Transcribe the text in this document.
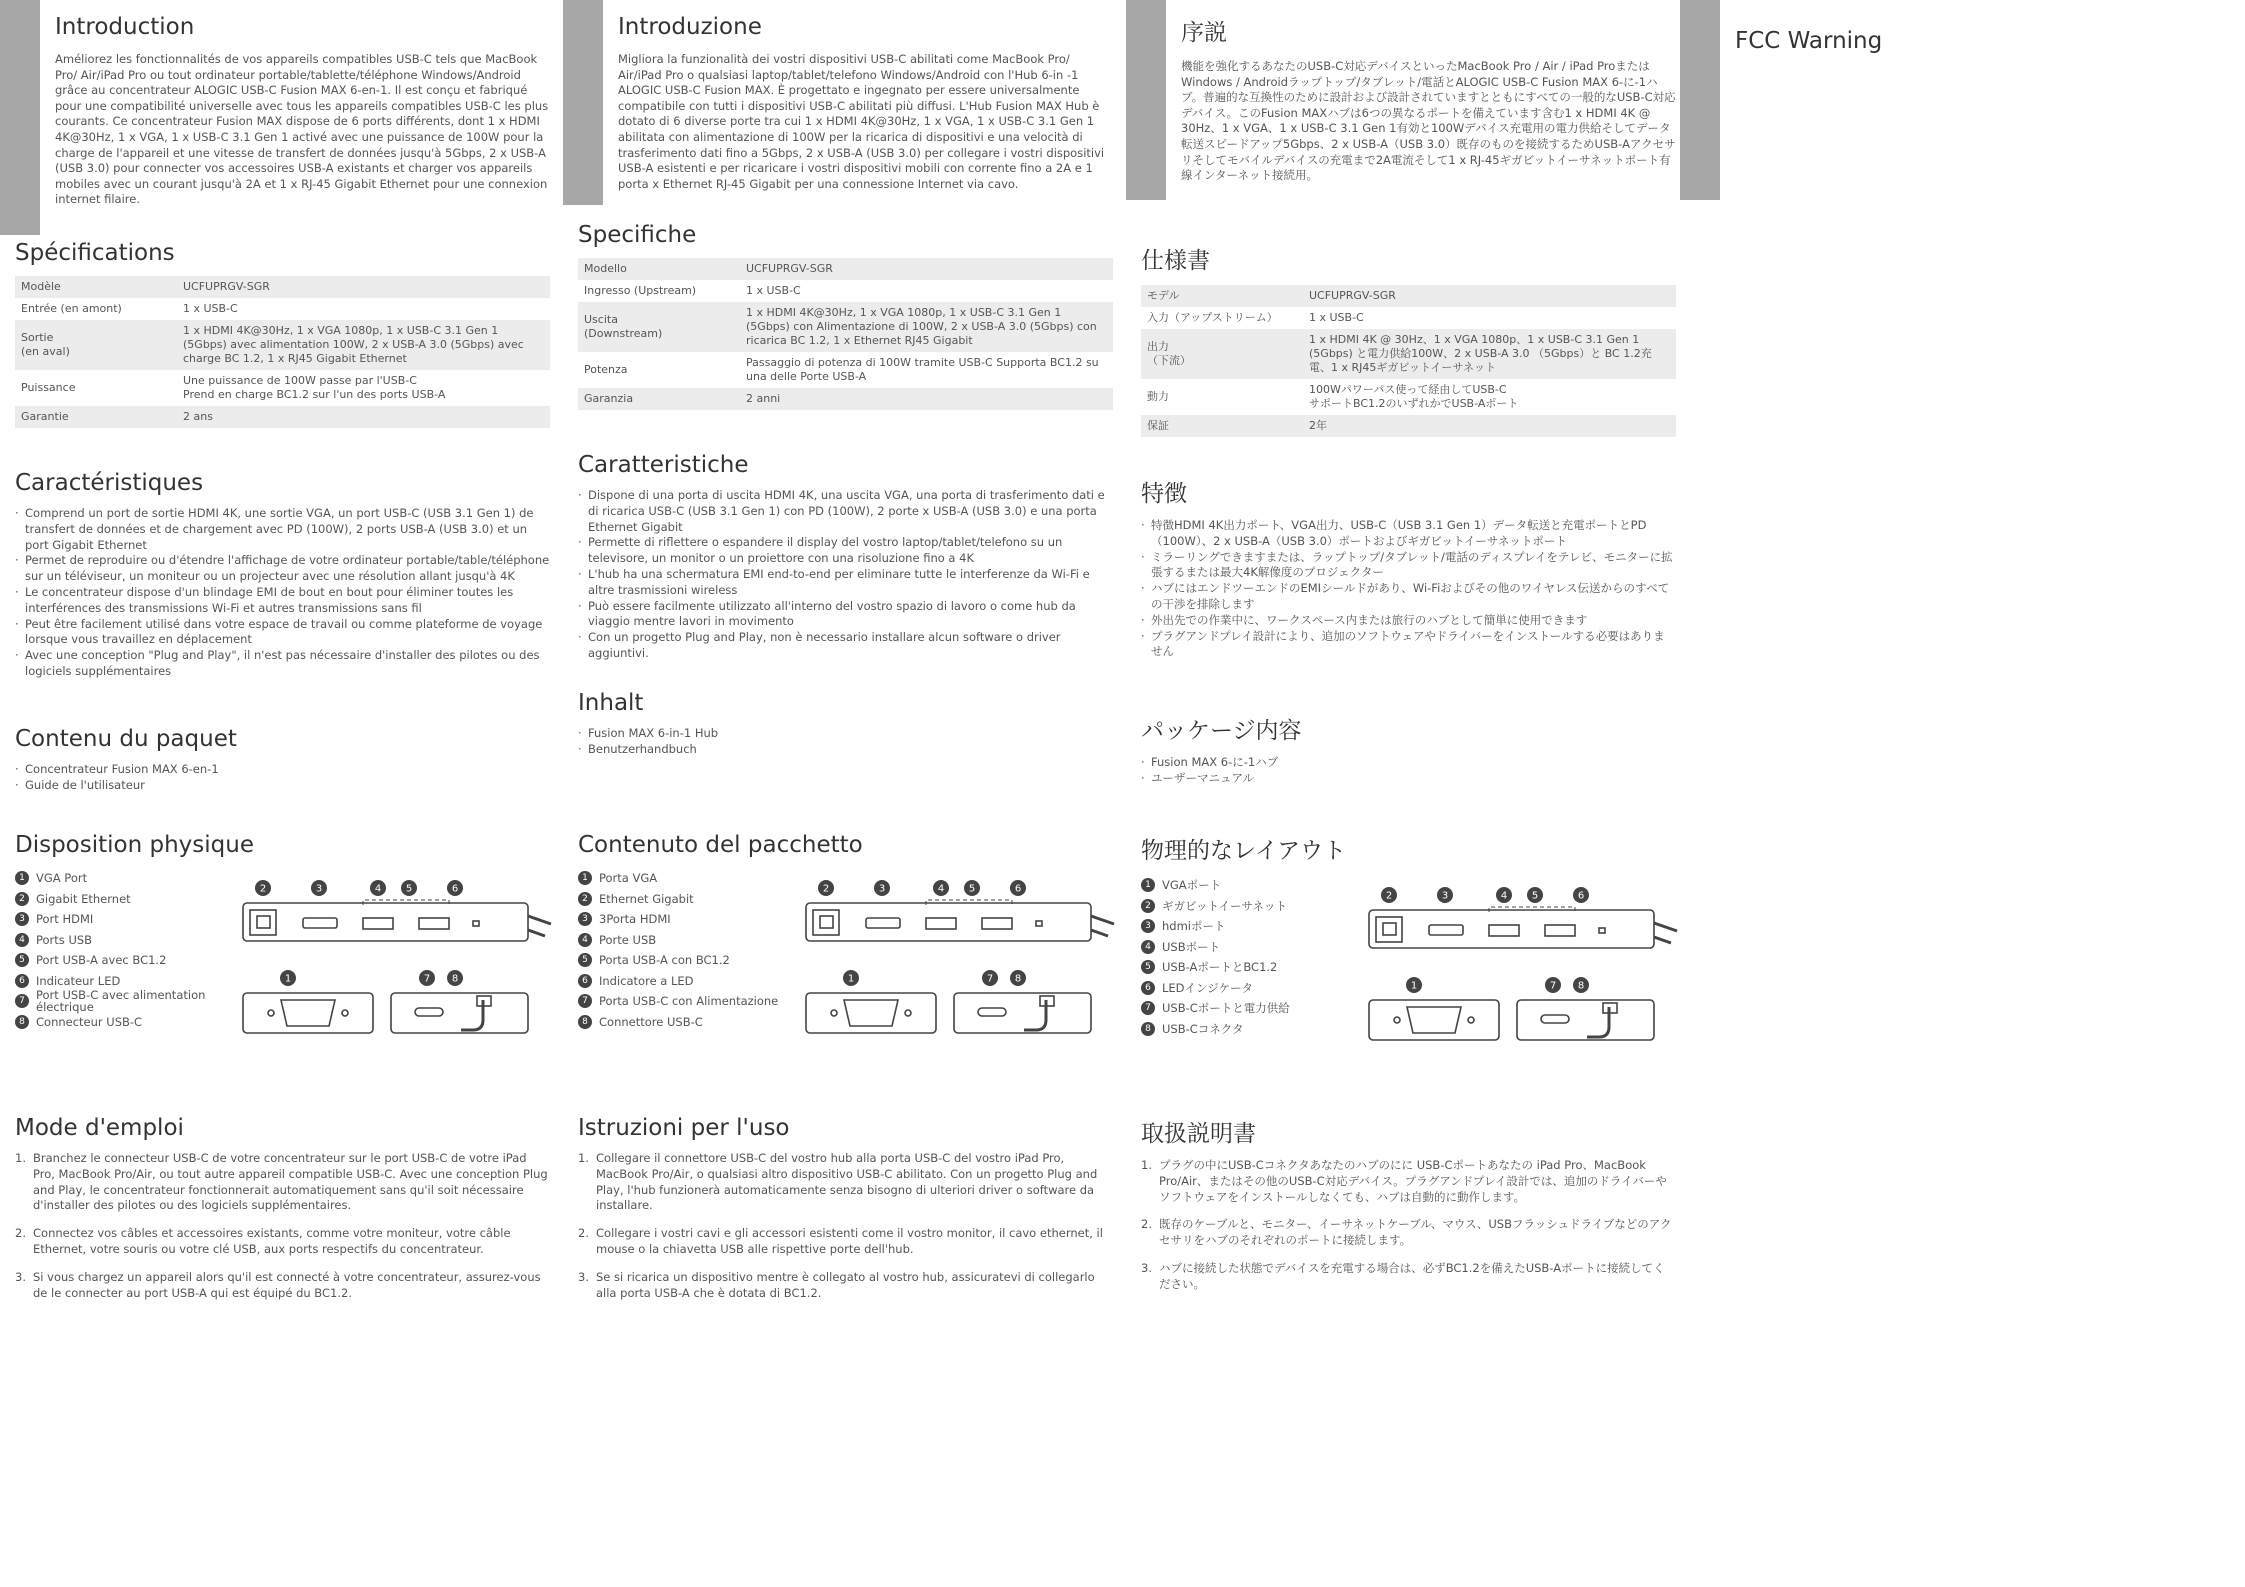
Introduction
Améliorez les fonctionnalités de vos appareils compatibles USB-C tels que MacBook Pro/ Air/iPad Pro ou tout ordinateur portable/tablette/téléphone Windows/Android grâce au concentrateur ALOGIC USB-C Fusion MAX 6-en-1. Il est conçu et fabriqué pour une compatibilité universelle avec tous les appareils compatibles USB-C les plus courants. Ce concentrateur Fusion MAX dispose de 6 ports différents, dont 1 x HDMI 4K@30Hz, 1 x VGA, 1 x USB-C 3.1 Gen 1 activé avec une puissance de 100W pour la charge de l'appareil et une vitesse de transfert de données jusqu'à 5Gbps, 2 x USB-A (USB 3.0) pour connecter vos accessoires USB-A existants et charger vos appareils mobiles avec un courant jusqu'à 2A et 1 x RJ-45 Gigabit Ethernet pour une connexion internet filaire.
Spécifications
Modèle	UCFUPRGV-SGR
Entrée (en amont)	1 x USB-C
Sortie
(en aval)	1 x HDMI 4K@30Hz, 1 x VGA 1080p, 1 x USB-C 3.1 Gen 1 (5Gbps) avec alimentation 100W, 2 x USB-A 3.0 (5Gbps) avec charge BC 1.2, 1 x RJ45 Gigabit Ethernet
Puissance	Une puissance de 100W passe par l'USB-C
Prend en charge BC1.2 sur l'un des ports USB-A
Garantie	2 ans
Caractéristiques
· Comprend un port de sortie HDMI 4K, une sortie VGA, un port USB-C (USB 3.1 Gen 1) de transfert de données et de chargement avec PD (100W), 2 ports USB-A (USB 3.0) et un port Gigabit Ethernet
· Permet de reproduire ou d'étendre l'affichage de votre ordinateur portable/table/téléphone sur un téléviseur, un moniteur ou un projecteur avec une résolution allant jusqu'à 4K
· Le concentrateur dispose d'un blindage EMI de bout en bout pour éliminer toutes les interférences des transmissions Wi-Fi et autres transmissions sans fil
· Peut être facilement utilisé dans votre espace de travail ou comme plateforme de voyage lorsque vous travaillez en déplacement
· Avec une conception "Plug and Play", il n'est pas nécessaire d'installer des pilotes ou des logiciels supplémentaires
Contenu du paquet
· Concentrateur Fusion MAX 6-en-1
· Guide de l'utilisateur
Disposition physique
1 VGA Port
2 Gigabit Ethernet
3 Port HDMI
4 Ports USB
5 Port USB-A avec BC1.2
6 Indicateur LED
7 Port USB-C avec alimentation électrique
8 Connecteur USB-C
1
2	3	4 5	6
7 8
Mode d'emploi
1. Branchez le connecteur USB-C de votre concentrateur sur le port USB-C de votre iPad Pro, MacBook Pro/Air, ou tout autre appareil compatible USB-C. Avec une conception Plug and Play, le concentrateur fonctionnerait automatiquement sans qu'il soit nécessaire d'installer des pilotes ou des logiciels supplémentaires.
2. Connectez vos câbles et accessoires existants, comme votre moniteur, votre câble Ethernet, votre souris ou votre clé USB, aux ports respectifs du concentrateur.
3. Si vous chargez un appareil alors qu'il est connecté à votre concentrateur, assurez-vous de le connecter au port USB-A qui est équipé du BC1.2.
Introduzione
Migliora la funzionalità dei vostri dispositivi USB-C abilitati come MacBook Pro/ Air/iPad Pro o qualsiasi laptop/tablet/telefono Windows/Android con l'Hub 6-in -1 ALOGIC USB-C Fusion MAX. È progettato e ingegnato per essere universalmente compatibile con tutti i dispositivi USB-C abilitati più diffusi. L'Hub Fusion MAX Hub è dotato di 6 diverse porte tra cui 1 x HDMI 4K@30Hz, 1 x VGA, 1 x USB-C 3.1 Gen 1 abilitata con alimentazione di 100W per la ricarica di dispositivi e una velocità di trasferimento dati fino a 5Gbps, 2 x USB-A (USB 3.0) per collegare i vostri dispositivi USB-A esistenti e per ricaricare i vostri dispositivi mobili con corrente fino a 2A e 1 porta x Ethernet RJ-45 Gigabit per una connessione Internet via cavo.
Specifiche
Modello	UCFUPRGV-SGR
Ingresso (Upstream)	1 x USB-C
Uscita
(Downstream)	1 x HDMI 4K@30Hz, 1 x VGA 1080p, 1 x USB-C 3.1 Gen 1 (5Gbps) con Alimentazione di 100W, 2 x USB-A 3.0 (5Gbps) con ricarica BC 1.2, 1 x Ethernet RJ45 Gigabit
Potenza	Passaggio di potenza di 100W tramite USB-C Supporta BC1.2 su una delle Porte USB-A
Garanzia	2 anni
Caratteristiche
· Dispone di una porta di uscita HDMI 4K, una uscita VGA, una porta di trasferimento dati e di ricarica USB-C (USB 3.1 Gen 1) con PD (100W), 2 porte x USB-A (USB 3.0) e una porta Ethernet Gigabit
· Permette di riflettere o espandere il display del vostro laptop/tablet/telefono su un televisore, un monitor o un proiettore con una risoluzione fino a 4K
· L'hub ha una schermatura EMI end-to-end per eliminare tutte le interferenze da Wi-Fi e altre trasmissioni wireless
· Può essere facilmente utilizzato all'interno del vostro spazio di lavoro o come hub da viaggio mentre lavori in movimento
· Con un progetto Plug and Play, non è necessario installare alcun software o driver aggiuntivi.
Inhalt
· Fusion MAX 6-in-1 Hub
· Benutzerhandbuch
Contenuto del pacchetto
1 Porta VGA
2 Ethernet Gigabit
3 3Porta HDMI
4 Porte USB
5 Porta USB-A con BC1.2
6 Indicatore a LED
7 Porta USB-C con Alimentazione
8 Connettore USB-C
1
2	3	4 5	6
7 8
Istruzioni per l'uso
1. Collegare il connettore USB-C del vostro hub alla porta USB-C del vostro iPad Pro, MacBook Pro/Air, o qualsiasi altro dispositivo USB-C abilitato. Con un progetto Plug and Play, l'hub funzionerà automaticamente senza bisogno di ulteriori driver o software da installare.
2. Collegare i vostri cavi e gli accessori esistenti come il vostro monitor, il cavo ethernet, il mouse o la chiavetta USB alle rispettive porte dell'hub.
3. Se si ricarica un dispositivo mentre è collegato al vostro hub, assicuratevi di collegarlo alla porta USB-A che è dotata di BC1.2.
序説
機能を強化するあなたのUSB-C対応デバイスといったMacBook Pro / Air / iPad ProまたはWindows / Androidラップトップ/タブレット/電話とALOGIC USB-C Fusion MAX 6-に-1ハブ。普遍的な互換性のために設計および設計されていますとともにすべての一般的なUSB-C対応デバイス。このFusion MAXハブは6つの異なるポートを備えています含む1 x HDMI 4K @ 30Hz、1 x VGA、1 x USB-C 3.1 Gen 1有効と100Wデバイス充電用の電力供給そしてデータ転送スピードアップ5Gbps、2 x USB-A（USB 3.0）既存のものを接続するためUSB-Aアクセサリそしてモバイルデバイスの充電まで2A電流そして1 x RJ-45ギガビットイーサネットポート有線インターネット接続用。
仕様書
モデル	UCFUPRGV-SGR
入力（アップストリーム）	1 x USB-C
出力
（下流）	1 x HDMI 4K @ 30Hz、1 x VGA 1080p、1 x USB-C 3.1 Gen 1 (5Gbps) と電力供給100W、2 x USB-A 3.0 （5Gbps）と BC 1.2充電、1 x RJ45ギガビットイーサネット
動力	100Wパワーパス使って経由してUSB-C
サポートBC1.2のいずれかでUSB-Aポート
保証	2年
特徴
· 特徴HDMI 4K出力ポート、VGA出力、USB-C（USB 3.1 Gen 1）データ転送と充電ポートとPD（100W）、2 x USB-A（USB 3.0）ポートおよびギガビットイーサネットポート
· ミラーリングできますまたは、ラップトップ/タブレット/電話のディスプレイをテレビ、モニターに拡張するまたは最大4K解像度のプロジェクター
· ハブにはエンドツーエンドのEMIシールドがあり、Wi-Fiおよびその他のワイヤレス伝送からのすべての干渉を排除します
· 外出先での作業中に、ワークスペース内または旅行のハブとして簡単に使用できます
· プラグアンドプレイ設計により、追加のソフトウェアやドライバーをインストールする必要はありません
パッケージ内容
· Fusion MAX 6-に-1ハブ
· ユーザーマニュアル
物理的なレイアウト
1 VGAポート
2 ギガビットイーサネット
3 hdmiポート
4 USBポート
5 USB-AポートとBC1.2
6 LEDインジケータ
7 USB-Cポートと電力供給
8 USB-Cコネクタ
1
2	3	4 5	6
7 8
取扱説明書
1. プラグの中にUSB-Cコネクタあなたのハブのにに USB-Cポートあなたの iPad Pro、MacBook Pro/Air、またはその他のUSB-C対応デバイス。プラグアンドプレイ設計では、追加のドライバーやソフトウェアをインストールしなくても、ハブは自動的に動作します。
2. 既存のケーブルと、モニター、イーサネットケーブル、マウス、USBフラッシュドライブなどのアクセサリをハブのそれぞれのポートに接続します。
3. ハブに接続した状態でデバイスを充電する場合は、必ずBC1.2を備えたUSB-Aポートに接続してください。
FCC Warning
